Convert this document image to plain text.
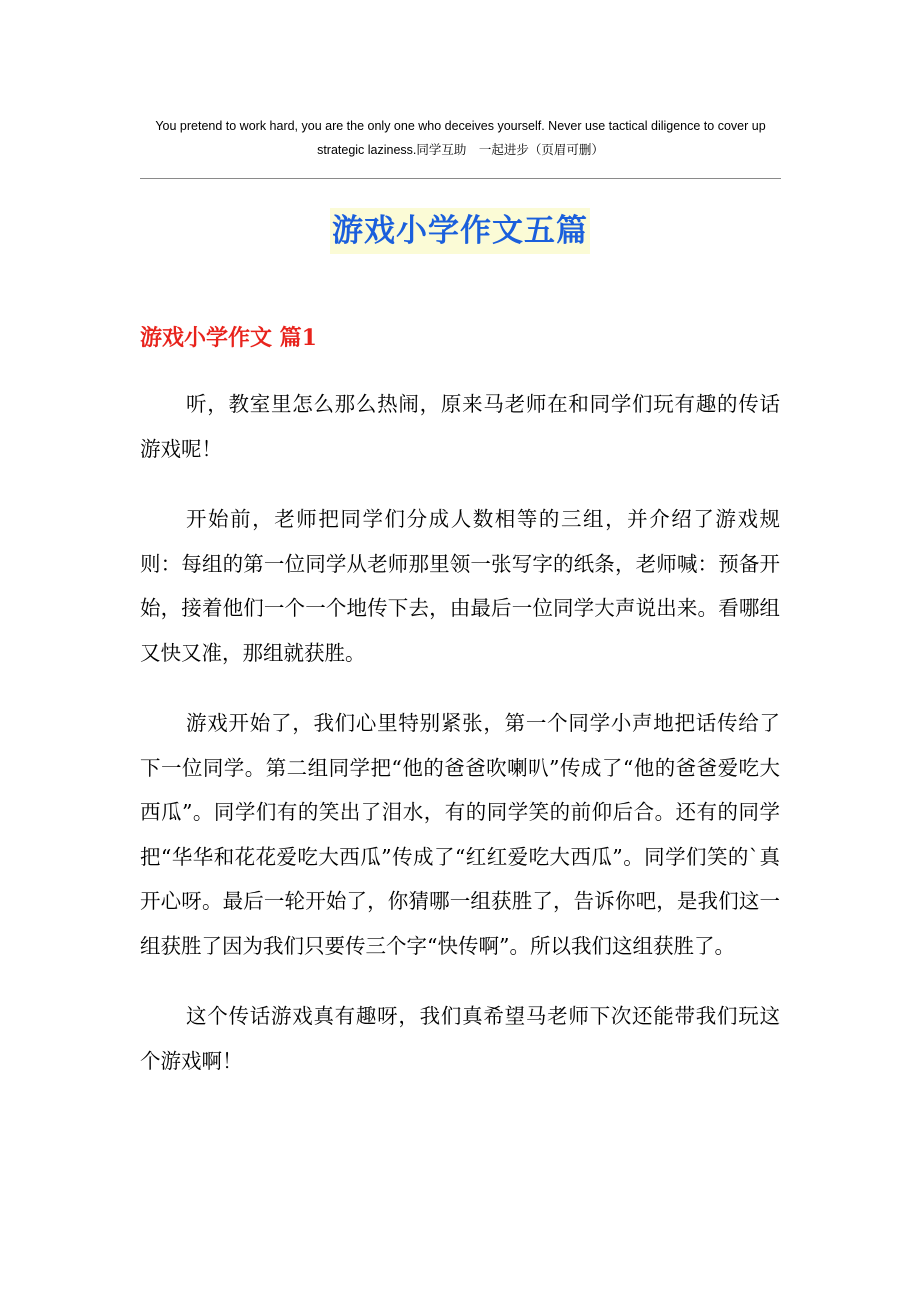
You pretend to work hard, you are the only one who deceives yourself. Never use tactical diligence to cover up
strategic laziness.同学互助　一起进步（页眉可删）
游戏小学作文五篇
游戏小学作文 篇1

听，教室里怎么那么热闹，原来马老师在和同学们玩有趣的传话游戏呢！

开始前，老师把同学们分成人数相等的三组，并介绍了游戏规则：每组的第一位同学从老师那里领一张写字的纸条，老师喊：预备开始，接着他们一个一个地传下去，由最后一位同学大声说出来。看哪组又快又准，那组就获胜。

游戏开始了，我们心里特别紧张，第一个同学小声地把话传给了下一位同学。第二组同学把“他的爸爸吹喇叭”传成了“他的爸爸爱吃大西瓜”。同学们有的笑出了泪水，有的同学笑的前仰后合。还有的同学把“华华和花花爱吃大西瓜”传成了“红红爱吃大西瓜”。同学们笑的`真开心呀。最后一轮开始了，你猜哪一组获胜了，告诉你吧，是我们这一组获胜了因为我们只要传三个字“快传啊”。所以我们这组获胜了。

这个传话游戏真有趣呀，我们真希望马老师下次还能带我们玩这个游戏啊！
